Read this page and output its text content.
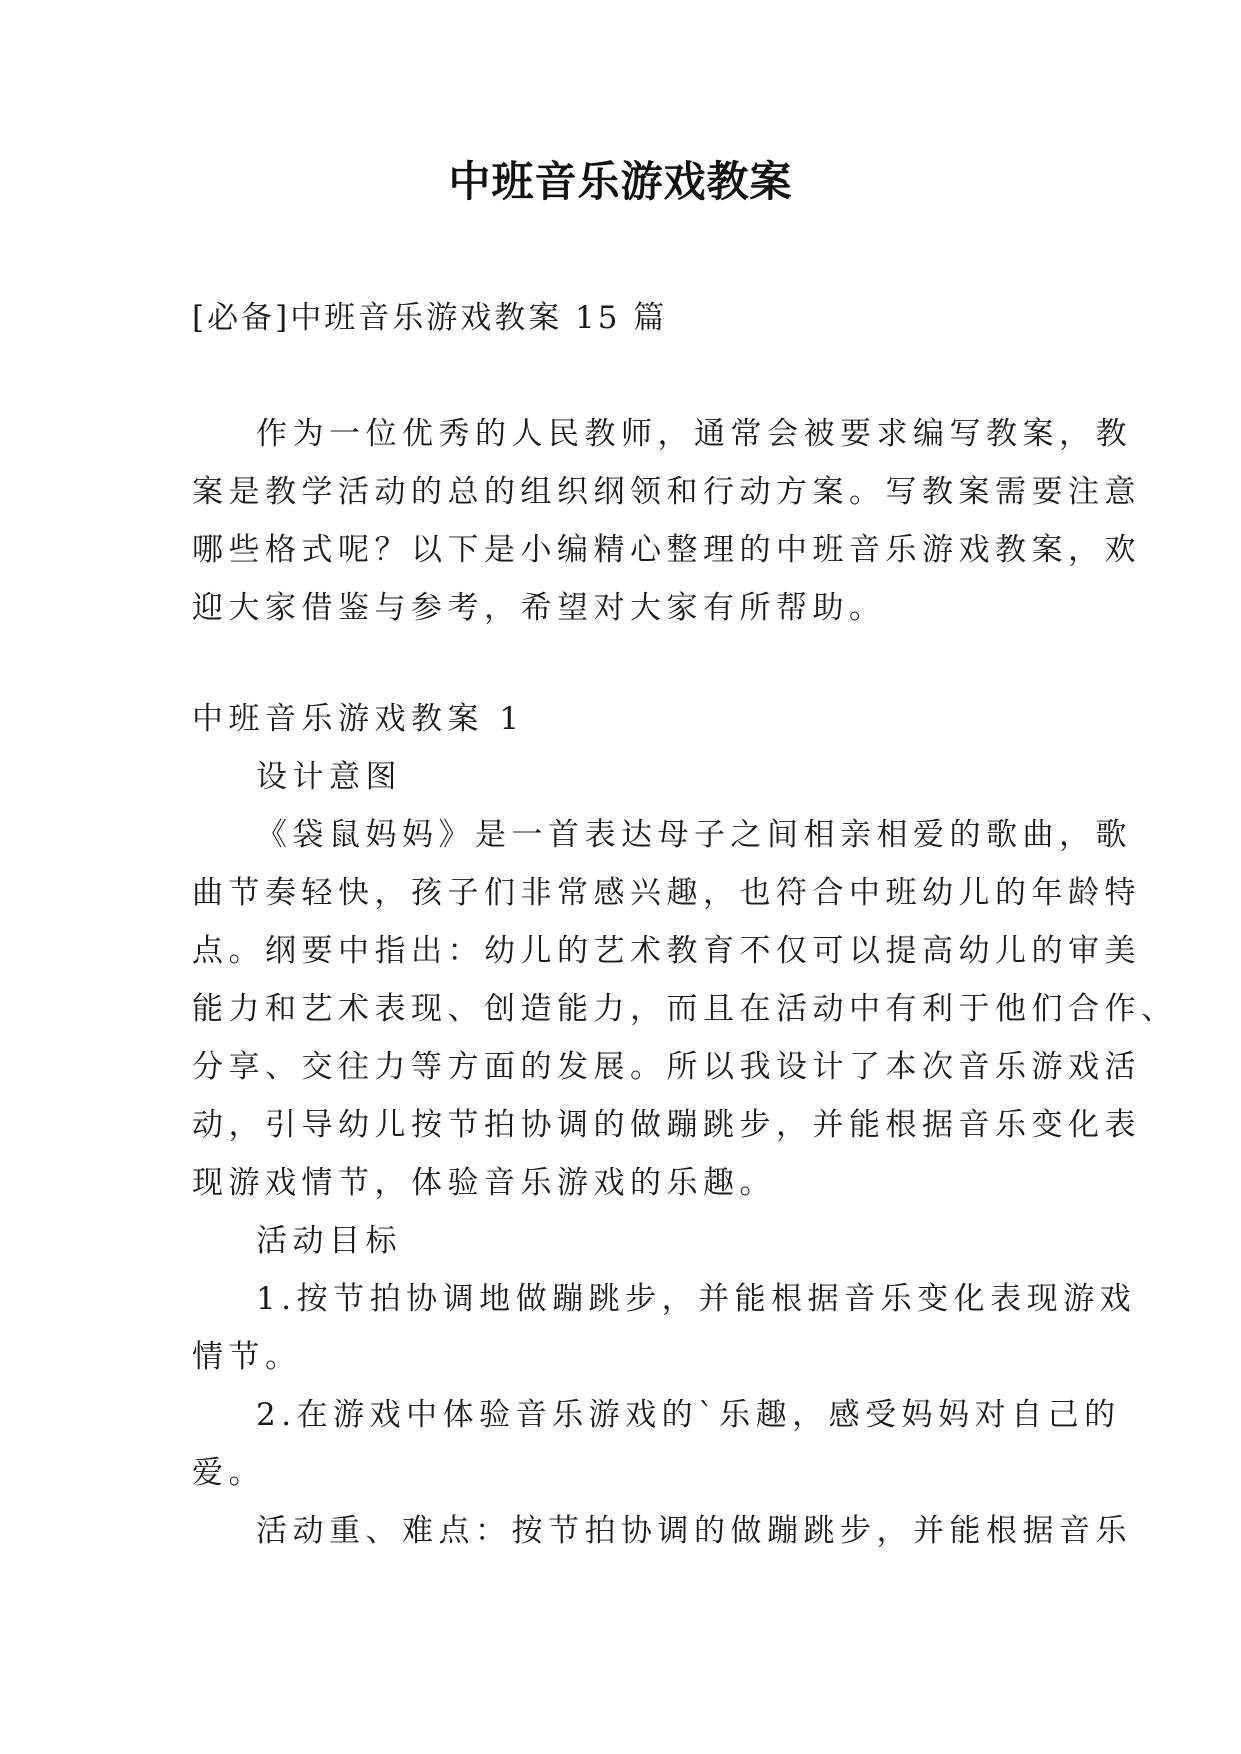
中班音乐游戏教案
[必备]中班音乐游戏教案 15 篇
作为一位优秀的人民教师，通常会被要求编写教案，教
案是教学活动的总的组织纲领和行动方案。写教案需要注意
哪些格式呢？以下是小编精心整理的中班音乐游戏教案，欢
迎大家借鉴与参考，希望对大家有所帮助。
中班音乐游戏教案 1
设计意图
《袋鼠妈妈》是一首表达母子之间相亲相爱的歌曲，歌
曲节奏轻快，孩子们非常感兴趣，也符合中班幼儿的年龄特
点。纲要中指出：幼儿的艺术教育不仅可以提高幼儿的审美
能力和艺术表现、创造能力，而且在活动中有利于他们合作、
分享、交往力等方面的发展。所以我设计了本次音乐游戏活
动，引导幼儿按节拍协调的做蹦跳步，并能根据音乐变化表
现游戏情节，体验音乐游戏的乐趣。
活动目标
1.按节拍协调地做蹦跳步，并能根据音乐变化表现游戏
情节。
2.在游戏中体验音乐游戏的`乐趣，感受妈妈对自己的
爱。
活动重、难点：按节拍协调的做蹦跳步，并能根据音乐
